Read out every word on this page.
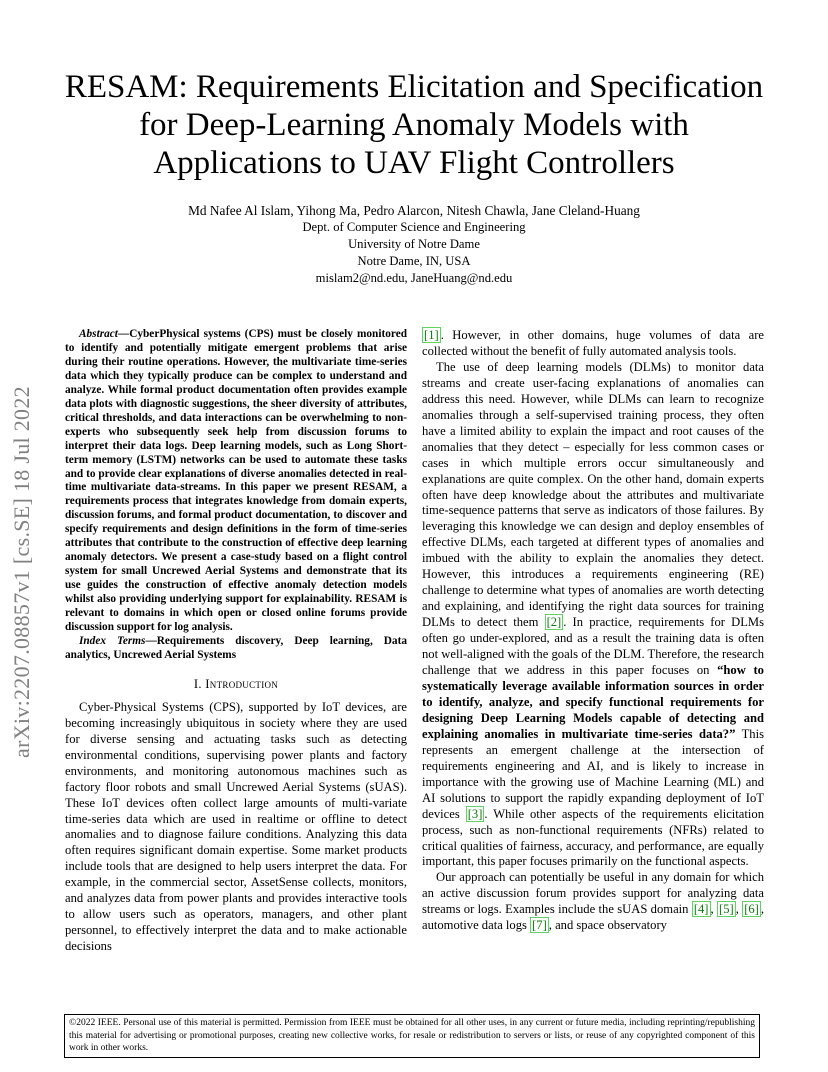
RESAM: Requirements Elicitation and Specification
for Deep-Learning Anomaly Models with
Applications to UAV Flight Controllers
Md Nafee Al Islam, Yihong Ma, Pedro Alarcon, Nitesh Chawla, Jane Cleland-Huang
Dept. of Computer Science and Engineering
University of Notre Dame
Notre Dame, IN, USA
mislam2@nd.edu, JaneHuang@nd.edu
arXiv:2207.08857v1 [cs.SE] 18 Jul 2022

Abstract—CyberPhysical systems (CPS) must be closely monitored to identify and potentially mitigate emergent problems that arise during their routine operations. However, the multivariate time-series data which they typically produce can be complex to understand and analyze. While formal product documentation often provides example data plots with diagnostic suggestions, the sheer diversity of attributes, critical thresholds, and data interactions can be overwhelming to non-experts who subsequently seek help from discussion forums to interpret their data logs. Deep learning models, such as Long Short-term memory (LSTM) networks can be used to automate these tasks and to provide clear explanations of diverse anomalies detected in real-time multivariate data-streams. In this paper we present RESAM, a requirements process that integrates knowledge from domain experts, discussion forums, and formal product documentation, to discover and specify requirements and design definitions in the form of time-series attributes that contribute to the construction of effective deep learning anomaly detectors. We present a case-study based on a flight control system for small Uncrewed Aerial Systems and demonstrate that its use guides the construction of effective anomaly detection models whilst also providing underlying support for explainability. RESAM is relevant to domains in which open or closed online forums provide discussion support for log analysis.

Index Terms—Requirements discovery, Deep learning, Data analytics, Uncrewed Aerial Systems

I. Introduction

Cyber-Physical Systems (CPS), supported by IoT devices, are becoming increasingly ubiquitous in society where they are used for diverse sensing and actuating tasks such as detecting environmental conditions, supervising power plants and factory environments, and monitoring autonomous machines such as factory floor robots and small Uncrewed Aerial Systems (sUAS). These IoT devices often collect large amounts of multi-variate time-series data which are used in realtime or offline to detect anomalies and to diagnose failure conditions. Analyzing this data often requires significant domain expertise. Some market products include tools that are designed to help users interpret the data. For example, in the commercial sector, AssetSense collects, monitors, and analyzes data from power plants and provides interactive tools to allow users such as operators, managers, and other plant personnel, to effectively interpret the data and to make actionable decisions

[1] . However, in other domains, huge volumes of data are collected without the benefit of fully automated analysis tools.

The use of deep learning models (DLMs) to monitor data streams and create user-facing explanations of anomalies can address this need. However, while DLMs can learn to recognize anomalies through a self-supervised training process, they often have a limited ability to explain the impact and root causes of the anomalies that they detect – especially for less common cases or cases in which multiple errors occur simultaneously and explanations are quite complex. On the other hand, domain experts often have deep knowledge about the attributes and multivariate time-sequence patterns that serve as indicators of those failures. By leveraging this knowledge we can design and deploy ensembles of effective DLMs, each targeted at different types of anomalies and imbued with the ability to explain the anomalies they detect. However, this introduces a requirements engineering (RE) challenge to determine what types of anomalies are worth detecting and explaining, and identifying the right data sources for training DLMs to detect them [2] . In practice, requirements for DLMs often go under-explored, and as a result the training data is often not well-aligned with the goals of the DLM. Therefore, the research challenge that we address in this paper focuses on “how to systematically leverage available information sources in order to identify, analyze, and specify functional requirements for designing Deep Learning Models capable of detecting and explaining anomalies in multivariate time-series data?” This represents an emergent challenge at the intersection of requirements engineering and AI, and is likely to increase in importance with the growing use of Machine Learning (ML) and AI solutions to support the rapidly expanding deployment of IoT devices [3] . While other aspects of the requirements elicitation process, such as non-functional requirements (NFRs) related to critical qualities of fairness, accuracy, and performance, are equally important, this paper focuses primarily on the functional aspects.

Our approach can potentially be useful in any domain for which an active discussion forum provides support for analyzing data streams or logs. Examples include the sUAS domain [4] , [5] , [6] , automotive data logs [7] , and space observatory

©2022 IEEE. Personal use of this material is permitted. Permission from IEEE must be obtained for all other uses, in any current or future media, including reprinting/republishing this material for advertising or promotional purposes, creating new collective works, for resale or redistribution to servers or lists, or reuse of any copyrighted component of this work in other works.
